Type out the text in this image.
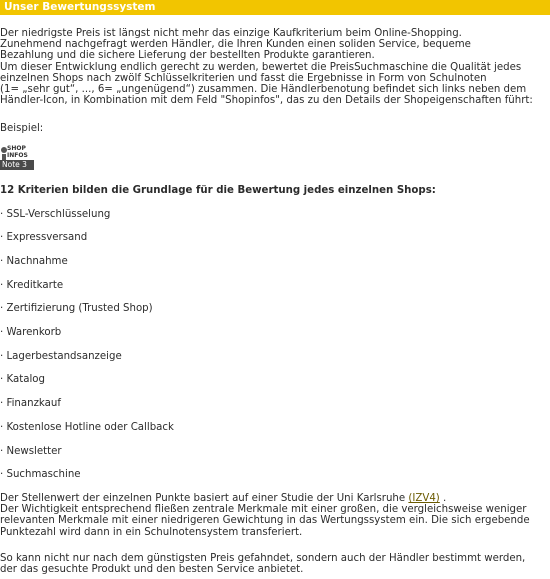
Unser Bewertungssystem
Der niedrigste Preis ist längst nicht mehr das einzige Kaufkriterium beim Online-Shopping.
Zunehmend nachgefragt werden Händler, die Ihren Kunden einen soliden Service, bequeme
Bezahlung und die sichere Lieferung der bestellten Produkte garantieren.
Um dieser Entwicklung endlich gerecht zu werden, bewertet die PreisSuchmaschine die Qualität jedes
einzelnen Shops nach zwölf Schlüsselkriterien und fasst die Ergebnisse in Form von Schulnoten
(1= „sehr gut“, ..., 6= „ungenügend“) zusammen. Die Händlerbenotung befindet sich links neben dem
Händler-Icon, in Kombination mit dem Feld "Shopinfos", das zu den Details der Shopeigenschaften führt:
Beispiel:
SHOP
INFOS
Note 3
12 Kriterien bilden die Grundlage für die Bewertung jedes einzelnen Shops:
· SSL-Verschlüsselung
· Expressversand
· Nachnahme
· Kreditkarte
· Zertifizierung (Trusted Shop)
· Warenkorb
· Lagerbestandsanzeige
· Katalog
· Finanzkauf
· Kostenlose Hotline oder Callback
· Newsletter
· Suchmaschine
Der Stellenwert der einzelnen Punkte basiert auf einer Studie der Uni Karlsruhe (IZV4) .
Der Wichtigkeit entsprechend fließen zentrale Merkmale mit einer großen, die vergleichsweise weniger
relevanten Merkmale mit einer niedrigeren Gewichtung in das Wertungssystem ein. Die sich ergebende
Punktezahl wird dann in ein Schulnotensystem transferiert.
So kann nicht nur nach dem günstigsten Preis gefahndet, sondern auch der Händler bestimmt werden,
der das gesuchte Produkt und den besten Service anbietet.
